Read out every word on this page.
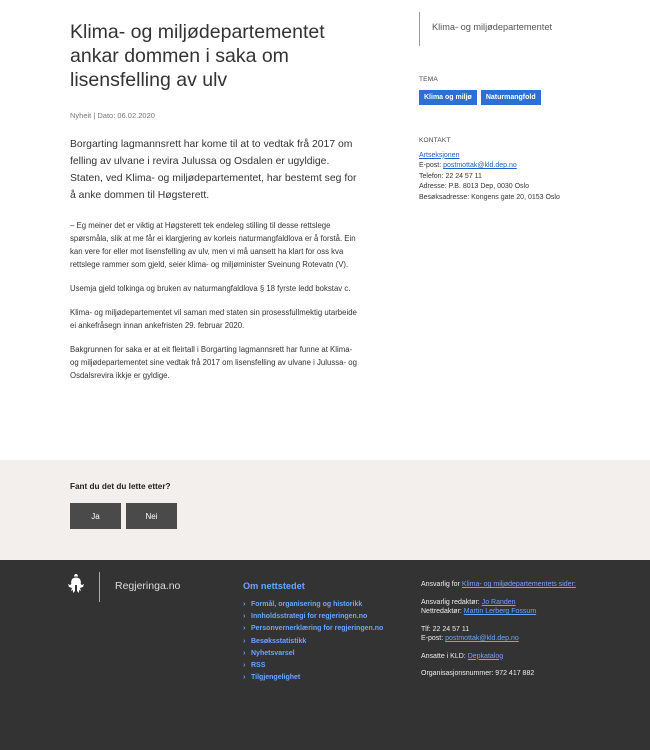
Klima- og miljødepartementet ankar dommen i saka om lisensfelling av ulv
Nyheit | Dato: 06.02.2020
Borgarting lagmannsrett har kome til at to vedtak frå 2017 om felling av ulvane i revira Julussa og Osdalen er ugyldige. Staten, ved Klima- og miljødepartementet, har bestemt seg for å anke dommen til Høgsterett.

– Eg meiner det er viktig at Høgsterett tek endeleg stilling til desse rettslege spørsmåla, slik at me får ei klargjering av korleis naturmangfaldlova er å forstå. Ein kan vere for eller mot lisensfelling av ulv, men vi må uansett ha klart for oss kva rettslege rammer som gjeld, seier klima- og miljøminister Sveinung Rotevatn (V).

Usemja gjeld tolkinga og bruken av naturmangfaldlova § 18 fyrste ledd bokstav c.

Klima- og miljødepartementet vil saman med staten sin prosessfullmektig utarbeide ei ankefråsegn innan ankefristen 29. februar 2020.

Bakgrunnen for saka er at eit fleirtall i Borgarting lagmannsrett har funne at Klima- og miljødepartementet sine vedtak frå 2017 om lisensfelling av ulvane i Julussa- og Osdalsrevira ikkje er gyldige.

Klima- og miljødepartementet
TEMA
Klima og miljø	Naturmangfold
KONTAKT
Artseksjonen
E-post: postmottak@kld.dep.no
Telefon: 22 24 57 11
Adresse: P.B. 8013 Dep, 0030 Oslo
Besøksadresse: Kongens gate 20, 0153 Oslo
Fant du det du lette etter?
Ja	Nei
Regjeringa.no	Om nettstedet
› Formål, organisering og historikk
› Innholdsstrategi for regjeringen.no
› Personvernerklæring for regjeringen.no
› Besøksstatistikk
› Nyhetsvarsel
› RSS
› Tilgjengelighet

Ansvarlig for Klima- og miljødepartementets sider:

Ansvarlig redaktør: Jo Randen
Nettredaktør: Martin Lerberg Fossum

Tlf: 22 24 57 11
E-post: postmottak@kld.dep.no

Ansatte i KLD: Depkatalog

Organisasjonsnummer: 972 417 882
